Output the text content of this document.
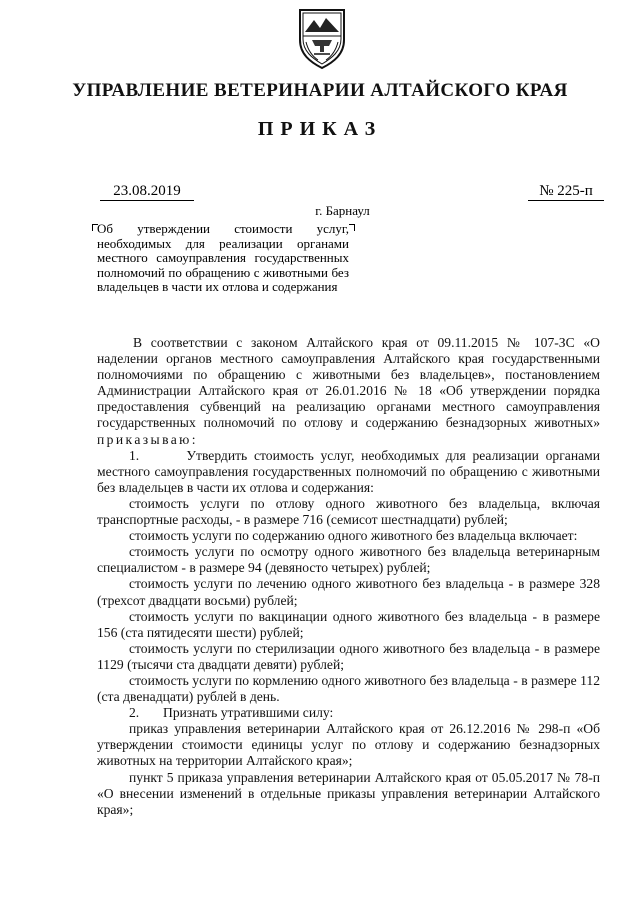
УПРАВЛЕНИЕ ВЕТЕРИНАРИИ АЛТАЙСКОГО КРАЯ
ПРИКАЗ
23.08.2019	№ 225-п
г. Барнаул
Об утверждении стоимости услуг, необходимых для реализации органами местного самоуправления государственных полномочий по обращению с животными без владельцев в части их отлова и содержания

В соответствии с законом Алтайского края от 09.11.2015 № 107-ЗС «О наделении органов местного самоуправления Алтайского края государственными полномочиями по обращению с животными без владельцев», постановлением Администрации Алтайского края от 26.01.2016 № 18 «Об утверждении порядка предоставления субвенций на реализацию органами местного самоуправления государственных полномочий по отлову и содержанию безнадзорных животных» приказываю:

1.	Утвердить стоимость услуг, необходимых для реализации органами местного самоуправления государственных полномочий по обращению с животными без владельцев в части их отлова и содержания:

стоимость услуги по отлову одного животного без владельца, включая транспортные расходы, - в размере 716 (семисот шестнадцати) рублей;

стоимость услуги по содержанию одного животного без владельца включает:

стоимость услуги по осмотру одного животного без владельца ветеринарным специалистом - в размере 94 (девяносто четырех) рублей;

стоимость услуги по лечению одного животного без владельца - в размере 328 (трехсот двадцати восьми) рублей;

стоимость услуги по вакцинации одного животного без владельца - в размере 156 (ста пятидесяти шести) рублей;

стоимость услуги по стерилизации одного животного без владельца - в размере 1129 (тысячи ста двадцати девяти) рублей;

стоимость услуги по кормлению одного животного без владельца - в размере 112 (ста двенадцати) рублей в день.

2. Признать утратившими силу:

приказ управления ветеринарии Алтайского края от 26.12.2016 № 298-п «Об утверждении стоимости единицы услуг по отлову и содержанию безнадзорных животных на территории Алтайского края»;

пункт 5 приказа управления ветеринарии Алтайского края от 05.05.2017 № 78-п «О внесении изменений в отдельные приказы управления ветеринарии Алтайского края»;
